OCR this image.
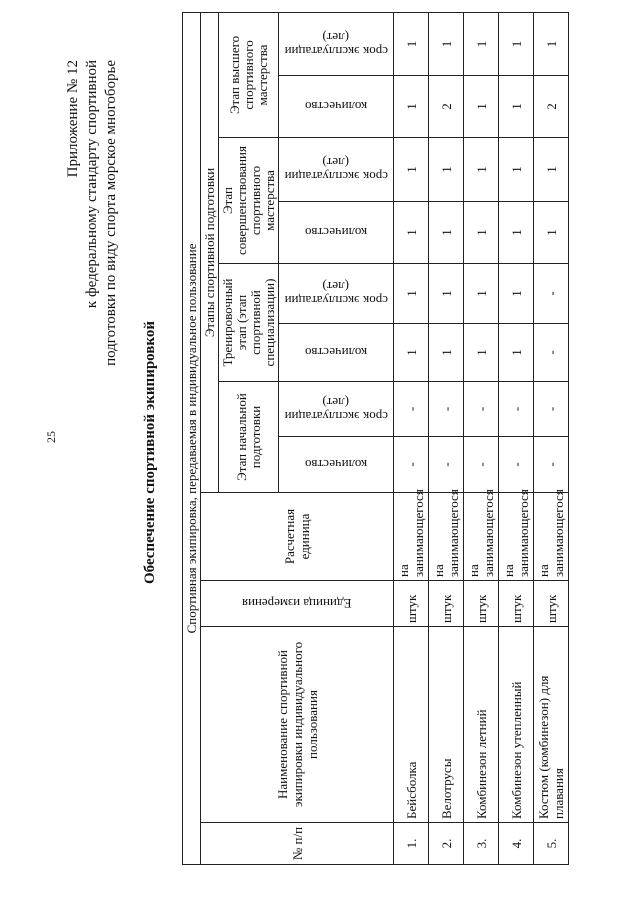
25
Приложение № 12 к федеральному стандарту спортивной подготовки по виду спорта морское многоборье
Обеспечение спортивной экипировкой Спортивная экипировка, передаваемая в индивидуальное пользование											
№ п/п	Наименование спортивной экипировки индивидуального пользования	Единица измерения	Расчетная единица	Этапы спортивной подготовки							
				Этап начальной подготовки		Тренировочный этап (этап спортивной специализации)		Этап совершенствования спортивного мастерства		Этап высшего спортивного мастерства	

				количество	срок эксплуатации (лет)	количество	срок эксплуатации (лет)	количество	срок эксплуатации (лет)	количество	срок эксплуатации (лет)

1.	Бейсболка	штук	на занимающегося	-	-	1	1	1	1	1	1
2.	Велотрусы	штук	на занимающегося	-	-	1	1	1	1	2	1
3.	Комбинезон летний	штук	на занимающегося	-	-	1	1	1	1	1	1
4.	Комбинезон утепленный	штук	на занимающегося	-	-	1	1	1	1	1	1
5.	Костюм (комбинезон) для плавания	штук	на занимающегося	-	-	-	-	1	1	2	1
